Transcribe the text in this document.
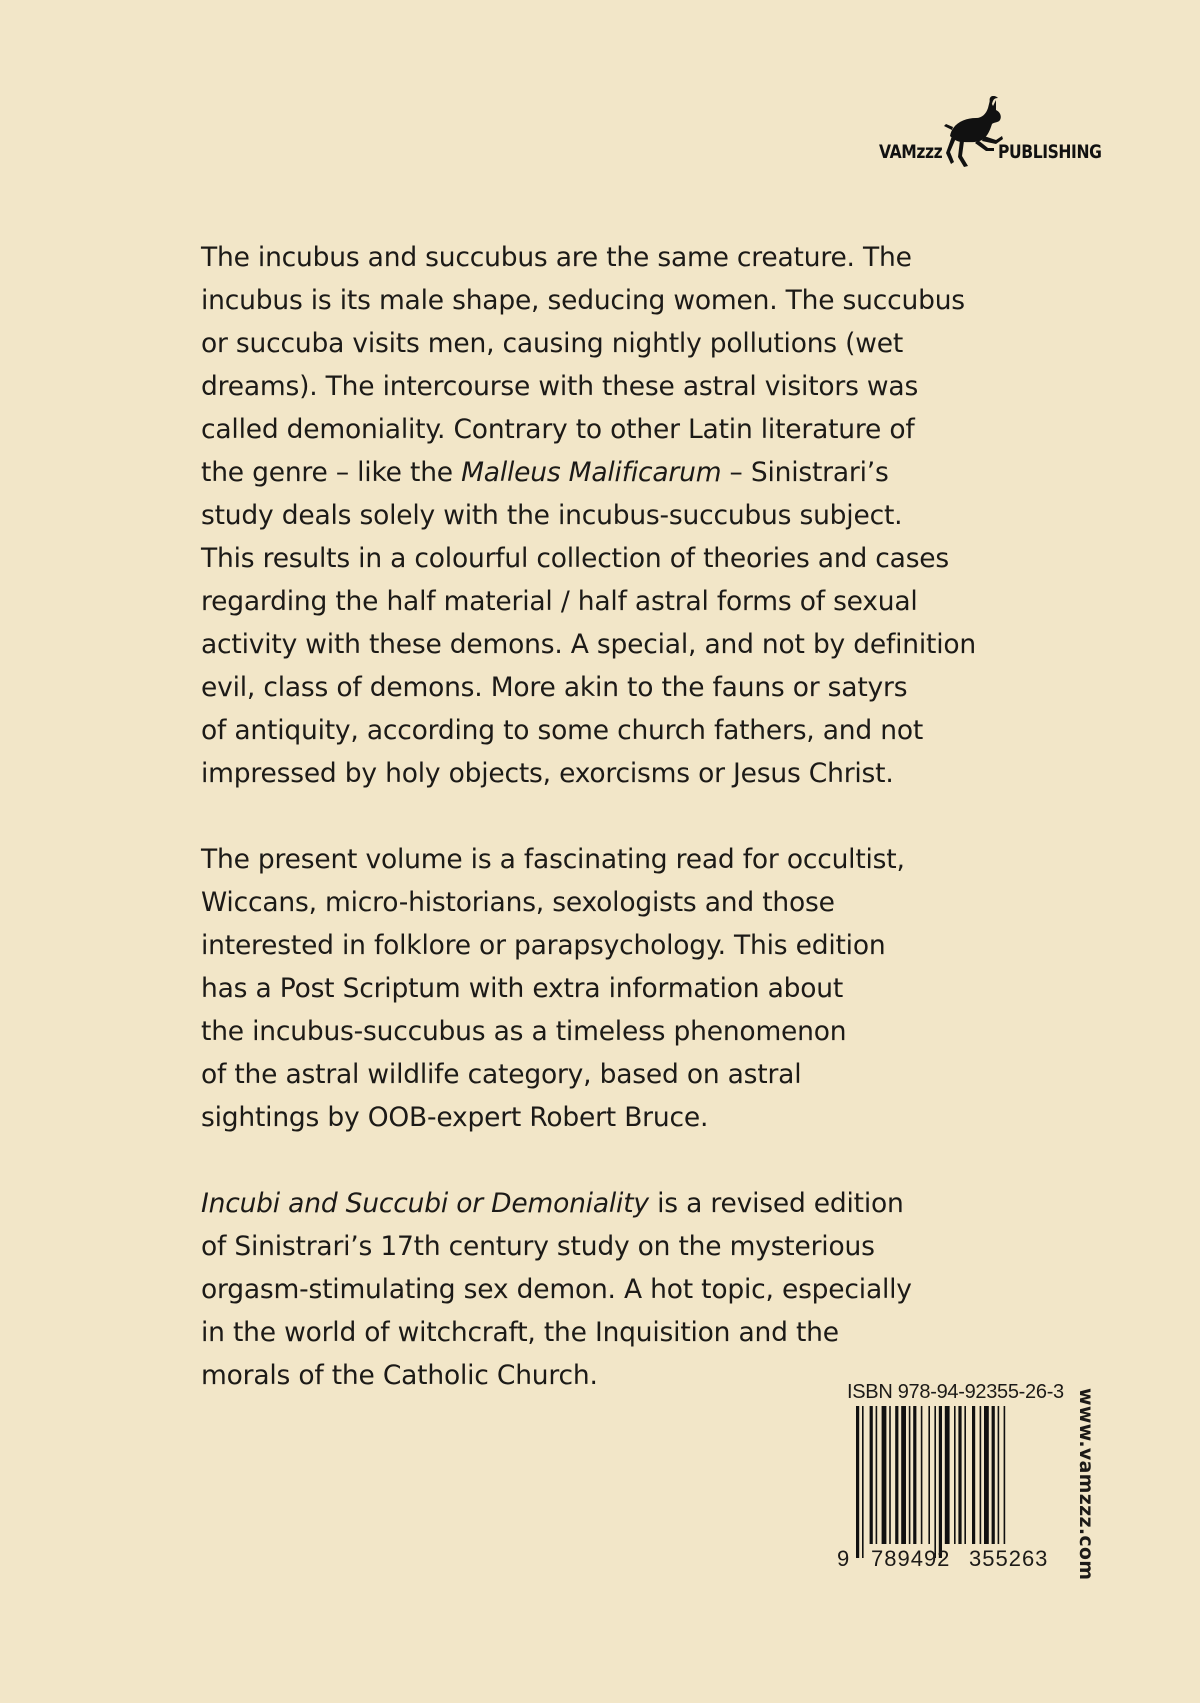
VAMzzz	PUBLISHING

The incubus and succubus are the same creature. The
incubus is its male shape, seducing women. The succubus
or succuba visits men, causing nightly pollutions (wet
dreams). The intercourse with these astral visitors was
called demoniality. Contrary to other Latin literature of
the genre – like the Malleus Malificarum – Sinistrari’s
study deals solely with the incubus-succubus subject.
This results in a colourful collection of theories and cases
regarding the half material / half astral forms of sexual
activity with these demons. A special, and not by definition
evil, class of demons. More akin to the fauns or satyrs
of antiquity, according to some church fathers, and not
impressed by holy objects, exorcisms or Jesus Christ.

The present volume is a fascinating read for occultist,
Wiccans, micro-historians, sexologists and those
interested in folklore or parapsychology. This edition
has a Post Scriptum with extra information about
the incubus-succubus as a timeless phenomenon
of the astral wildlife category, based on astral
sightings by OOB-expert Robert Bruce.

Incubi and Succubi or Demoniality is a revised edition
of Sinistrari’s 17th century study on the mysterious
orgasm-stimulating sex demon. A hot topic, especially
in the world of witchcraft, the Inquisition and the
morals of the Catholic Church.

ISBN 978-94-92355-26-3
9 789492 355263 www.vamzzz.com
